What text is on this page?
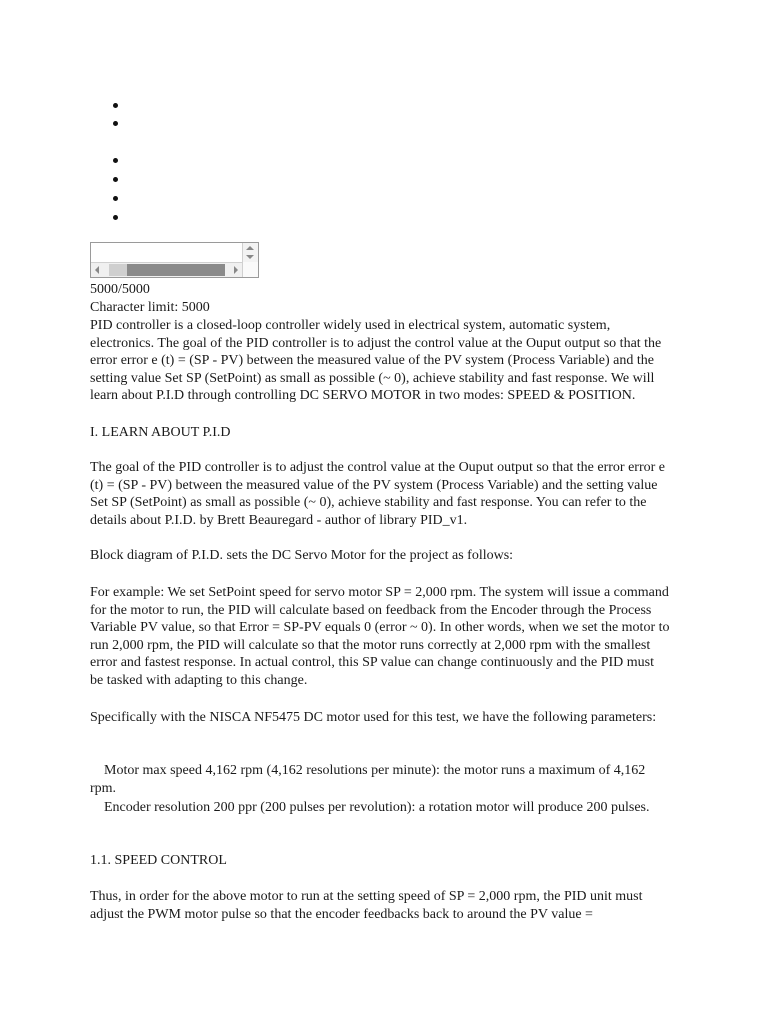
5000/5000
Character limit: 5000
PID controller is a closed-loop controller widely used in electrical system, automatic system, electronics. The goal of the PID controller is to adjust the control value at the Ouput output so that the error error e (t) = (SP - PV) between the measured value of the PV system (Process Variable) and the setting value Set SP (SetPoint) as small as possible (~ 0), achieve stability and fast response. We will learn about P.I.D through controlling DC SERVO MOTOR in two modes: SPEED & POSITION.
I. LEARN ABOUT P.I.D
The goal of the PID controller is to adjust the control value at the Ouput output so that the error error e (t) = (SP - PV) between the measured value of the PV system (Process Variable) and the setting value Set SP (SetPoint) as small as possible (~ 0), achieve stability and fast response. You can refer to the details about P.I.D. by Brett Beauregard - author of library PID_v1.
Block diagram of P.I.D. sets the DC Servo Motor for the project as follows:
For example: We set SetPoint speed for servo motor SP = 2,000 rpm. The system will issue a command for the motor to run, the PID will calculate based on feedback from the Encoder through the Process Variable PV value, so that Error = SP-PV equals 0 (error ~ 0). In other words, when we set the motor to run 2,000 rpm, the PID will calculate so that the motor runs correctly at 2,000 rpm with the smallest error and fastest response. In actual control, this SP value can change continuously and the PID must be tasked with adapting to this change.
Specifically with the NISCA NF5475 DC motor used for this test, we have the following parameters:
Motor max speed 4,162 rpm (4,162 resolutions per minute): the motor runs a maximum of 4,162 rpm.
Encoder resolution 200 ppr (200 pulses per revolution): a rotation motor will produce 200 pulses.
1.1. SPEED CONTROL
Thus, in order for the above motor to run at the setting speed of SP = 2,000 rpm, the PID unit must adjust the PWM motor pulse so that the encoder feedbacks back to around the PV value =
